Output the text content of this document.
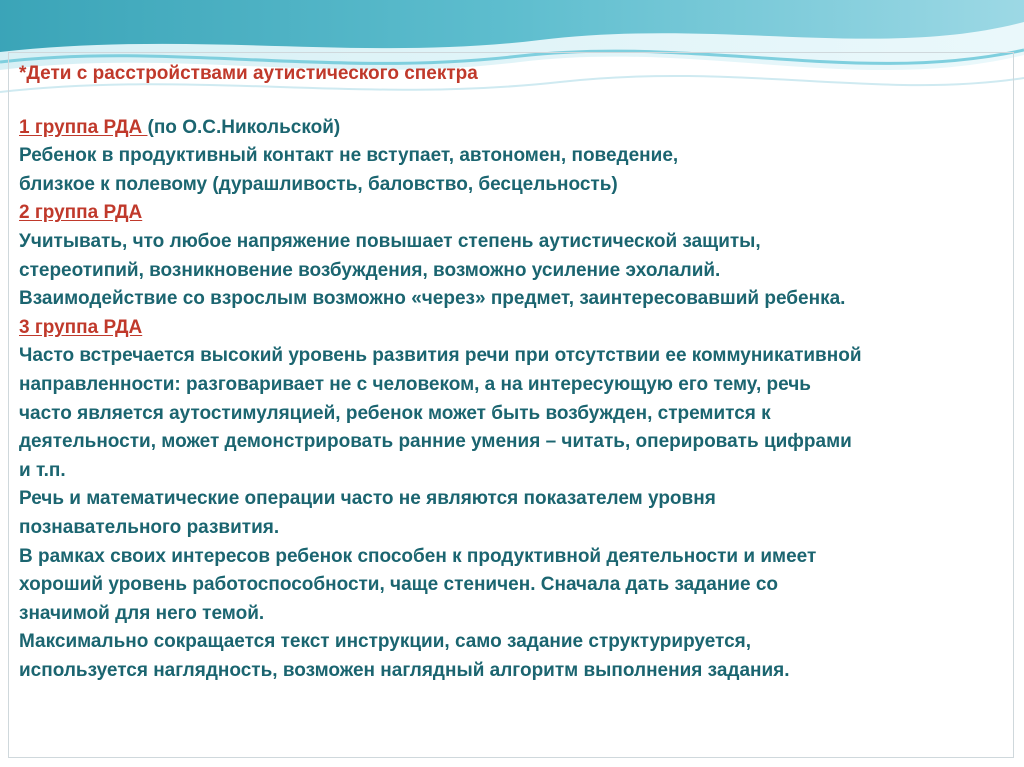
*Дети с расстройствами аутистического спектра
1 группа РДА (по О.С.Никольской)
Ребенок в продуктивный контакт не вступает, автономен, поведение,
близкое к полевому (дурашливость, баловство, бесцельность)
2 группа РДА
Учитывать, что любое напряжение повышает степень аутистической защиты,
стереотипий, возникновение возбуждения, возможно усиление эхолалий.
Взаимодействие со взрослым возможно «через» предмет, заинтересовавший ребенка.
3 группа РДА
Часто встречается высокий уровень развития речи при отсутствии ее коммуникативной
направленности: разговаривает не с человеком, а на интересующую его тему, речь
часто является аутостимуляцией, ребенок может быть возбужден, стремится к
деятельности, может демонстрировать ранние умения – читать, оперировать цифрами
и т.п.
Речь и математические операции часто не являются показателем уровня
познавательного развития.
В рамках своих интересов ребенок способен к продуктивной деятельности и имеет
хороший уровень работоспособности, чаще стеничен. Сначала дать задание со
значимой для него темой.
Максимально сокращается текст инструкции, само задание структурируется,
используется наглядность, возможен наглядный алгоритм выполнения задания.
